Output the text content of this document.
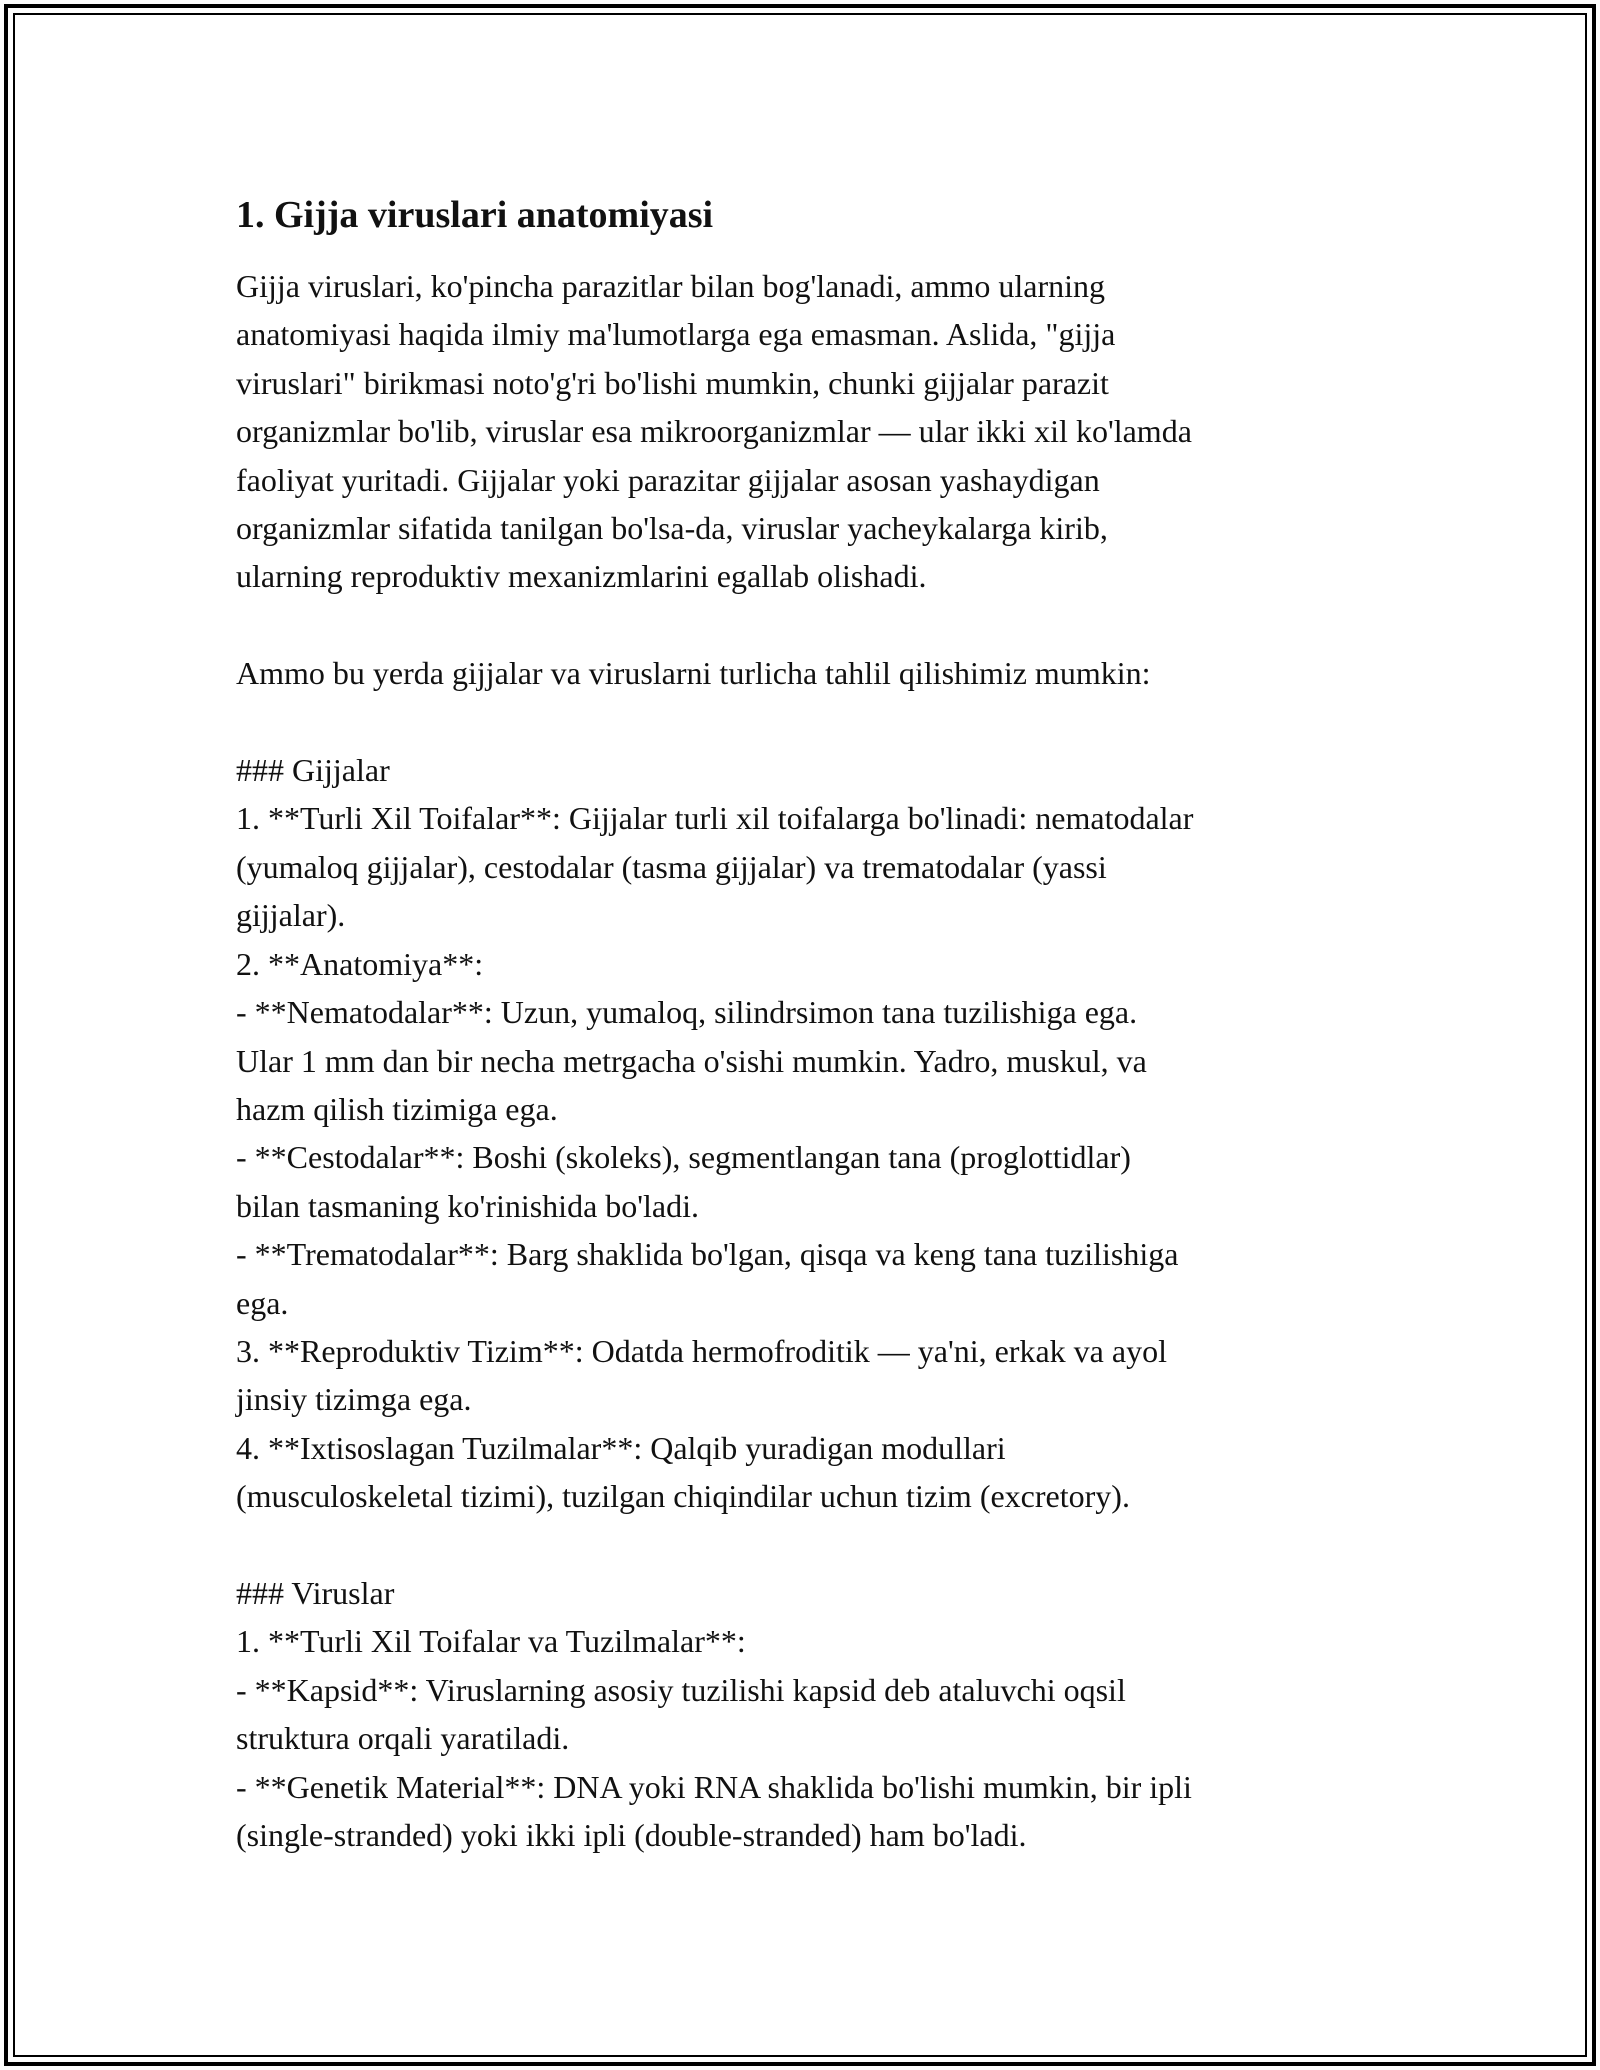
1. Gijja viruslari anatomiyasi
Gijja viruslari, ko'pincha parazitlar bilan bog'lanadi, ammo ularning
anatomiyasi haqida ilmiy ma'lumotlarga ega emasman. Aslida, "gijja
viruslari" birikmasi noto'g'ri bo'lishi mumkin, chunki gijjalar parazit
organizmlar bo'lib, viruslar esa mikroorganizmlar — ular ikki xil ko'lamda
faoliyat yuritadi. Gijjalar yoki parazitar gijjalar asosan yashaydigan
organizmlar sifatida tanilgan bo'lsa-da, viruslar yacheykalarga kirib,
ularning reproduktiv mexanizmlarini egallab olishadi.

Ammo bu yerda gijjalar va viruslarni turlicha tahlil qilishimiz mumkin:

### Gijjalar
1. **Turli Xil Toifalar**: Gijjalar turli xil toifalarga bo'linadi: nematodalar
(yumaloq gijjalar), cestodalar (tasma gijjalar) va trematodalar (yassi
gijjalar).
2. **Anatomiya**:
- **Nematodalar**: Uzun, yumaloq, silindrsimon tana tuzilishiga ega.
Ular 1 mm dan bir necha metrgacha o'sishi mumkin. Yadro, muskul, va
hazm qilish tizimiga ega.
- **Cestodalar**: Boshi (skoleks), segmentlangan tana (proglottidlar)
bilan tasmaning ko'rinishida bo'ladi.
- **Trematodalar**: Barg shaklida bo'lgan, qisqa va keng tana tuzilishiga
ega.
3. **Reproduktiv Tizim**: Odatda hermofroditik — ya'ni, erkak va ayol
jinsiy tizimga ega.
4. **Ixtisoslagan Tuzilmalar**: Qalqib yuradigan modullari
(musculoskeletal tizimi), tuzilgan chiqindilar uchun tizim (excretory).

### Viruslar
1. **Turli Xil Toifalar va Tuzilmalar**:
- **Kapsid**: Viruslarning asosiy tuzilishi kapsid deb ataluvchi oqsil
struktura orqali yaratiladi.
- **Genetik Material**: DNA yoki RNA shaklida bo'lishi mumkin, bir ipli
(single-stranded) yoki ikki ipli (double-stranded) ham bo'ladi.
